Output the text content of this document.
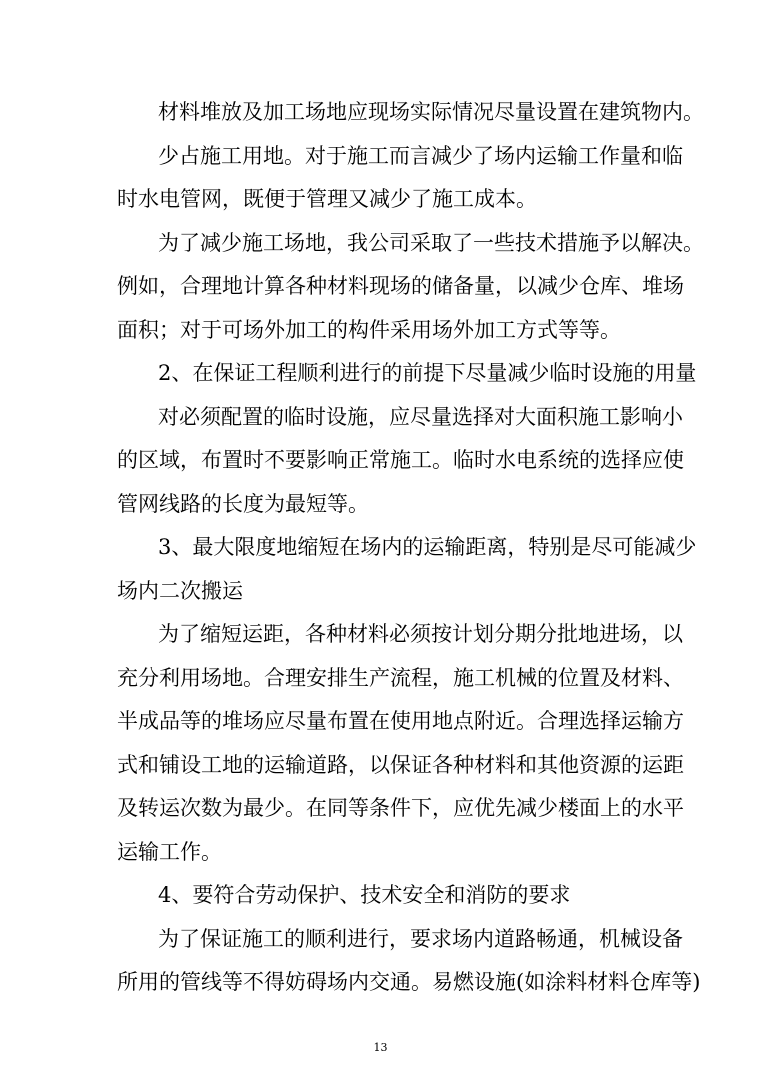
材料堆放及加工场地应现场实际情况尽量设置在建筑物内。
少占施工用地。对于施工而言减少了场内运输工作量和临
时水电管网，既便于管理又减少了施工成本。
为了减少施工场地，我公司采取了一些技术措施予以解决。
例如，合理地计算各种材料现场的储备量，以减少仓库、堆场
面积；对于可场外加工的构件采用场外加工方式等等。
2、在保证工程顺利进行的前提下尽量减少临时设施的用量
对必须配置的临时设施，应尽量选择对大面积施工影响小
的区域，布置时不要影响正常施工。临时水电系统的选择应使
管网线路的长度为最短等。
3、最大限度地缩短在场内的运输距离，特别是尽可能减少
场内二次搬运
为了缩短运距，各种材料必须按计划分期分批地进场，以
充分利用场地。合理安排生产流程，施工机械的位置及材料、
半成品等的堆场应尽量布置在使用地点附近。合理选择运输方
式和铺设工地的运输道路，以保证各种材料和其他资源的运距
及转运次数为最少。在同等条件下，应优先减少楼面上的水平
运输工作。
4、要符合劳动保护、技术安全和消防的要求
为了保证施工的顺利进行，要求场内道路畅通，机械设备
所用的管线等不得妨碍场内交通。易燃设施(如涂料材料仓库等)
13
